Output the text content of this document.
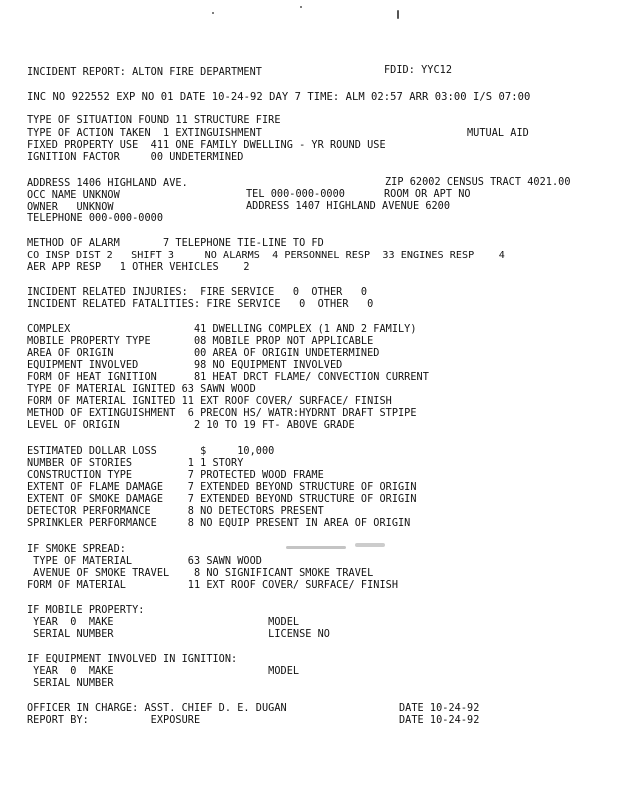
INCIDENT REPORT: ALTON FIRE DEPARTMENT	FDID: YYC12
INC NO 922552 EXP NO 01 DATE 10-24-92 DAY 7 TIME: ALM 02:57 ARR 03:00 I/S 07:00
TYPE OF SITUATION FOUND 11 STRUCTURE FIRE
TYPE OF ACTION TAKEN  1 EXTINGUISHMENT	MUTUAL AID
FIXED PROPERTY USE  411 ONE FAMILY DWELLING - YR ROUND USE
IGNITION FACTOR     00 UNDETERMINED
ADDRESS 1406 HIGHLAND AVE.	ZIP 62002 CENSUS TRACT 4021.00
OCC NAME UNKNOW	TEL 000-000-0000	ROOM OR APT NO
OWNER   UNKNOW	ADDRESS 1407 HIGHLAND AVENUE 6200
TELEPHONE 000-000-0000
METHOD OF ALARM       7 TELEPHONE TIE-LINE TO FD
CO INSP DIST 2   SHIFT 3     NO ALARMS  4 PERSONNEL RESP  33 ENGINES RESP    4
AER APP RESP   1 OTHER VEHICLES    2
INCIDENT RELATED INJURIES:  FIRE SERVICE   0  OTHER   0
INCIDENT RELATED FATALITIES: FIRE SERVICE   0  OTHER   0
COMPLEX                    41 DWELLING COMPLEX (1 AND 2 FAMILY)
MOBILE PROPERTY TYPE       08 MOBILE PROP NOT APPLICABLE
AREA OF ORIGIN             00 AREA OF ORIGIN UNDETERMINED
EQUIPMENT INVOLVED         98 NO EQUIPMENT INVOLVED
FORM OF HEAT IGNITION      81 HEAT DRCT FLAME/ CONVECTION CURRENT
TYPE OF MATERIAL IGNITED 63 SAWN WOOD
FORM OF MATERIAL IGNITED 11 EXT ROOF COVER/ SURFACE/ FINISH
METHOD OF EXTINGUISHMENT  6 PRECON HS/ WATR:HYDRNT DRAFT STPIPE
LEVEL OF ORIGIN            2 10 TO 19 FT- ABOVE GRADE
ESTIMATED DOLLAR LOSS       $     10,000
NUMBER OF STORIES         1 1 STORY
CONSTRUCTION TYPE         7 PROTECTED WOOD FRAME
EXTENT OF FLAME DAMAGE    7 EXTENDED BEYOND STRUCTURE OF ORIGIN
EXTENT OF SMOKE DAMAGE    7 EXTENDED BEYOND STRUCTURE OF ORIGIN
DETECTOR PERFORMANCE      8 NO DETECTORS PRESENT
SPRINKLER PERFORMANCE     8 NO EQUIP PRESENT IN AREA OF ORIGIN
IF SMOKE SPREAD:
TYPE OF MATERIAL         63 SAWN WOOD
AVENUE OF SMOKE TRAVEL    8 NO SIGNIFICANT SMOKE TRAVEL
FORM OF MATERIAL          11 EXT ROOF COVER/ SURFACE/ FINISH
IF MOBILE PROPERTY:
YEAR  0  MAKE                         MODEL
SERIAL NUMBER                         LICENSE NO
IF EQUIPMENT INVOLVED IN IGNITION:
YEAR  0  MAKE                         MODEL
SERIAL NUMBER
OFFICER IN CHARGE: ASST. CHIEF D. E. DUGAN	DATE 10-24-92
REPORT BY:          EXPOSURE	DATE 10-24-92
